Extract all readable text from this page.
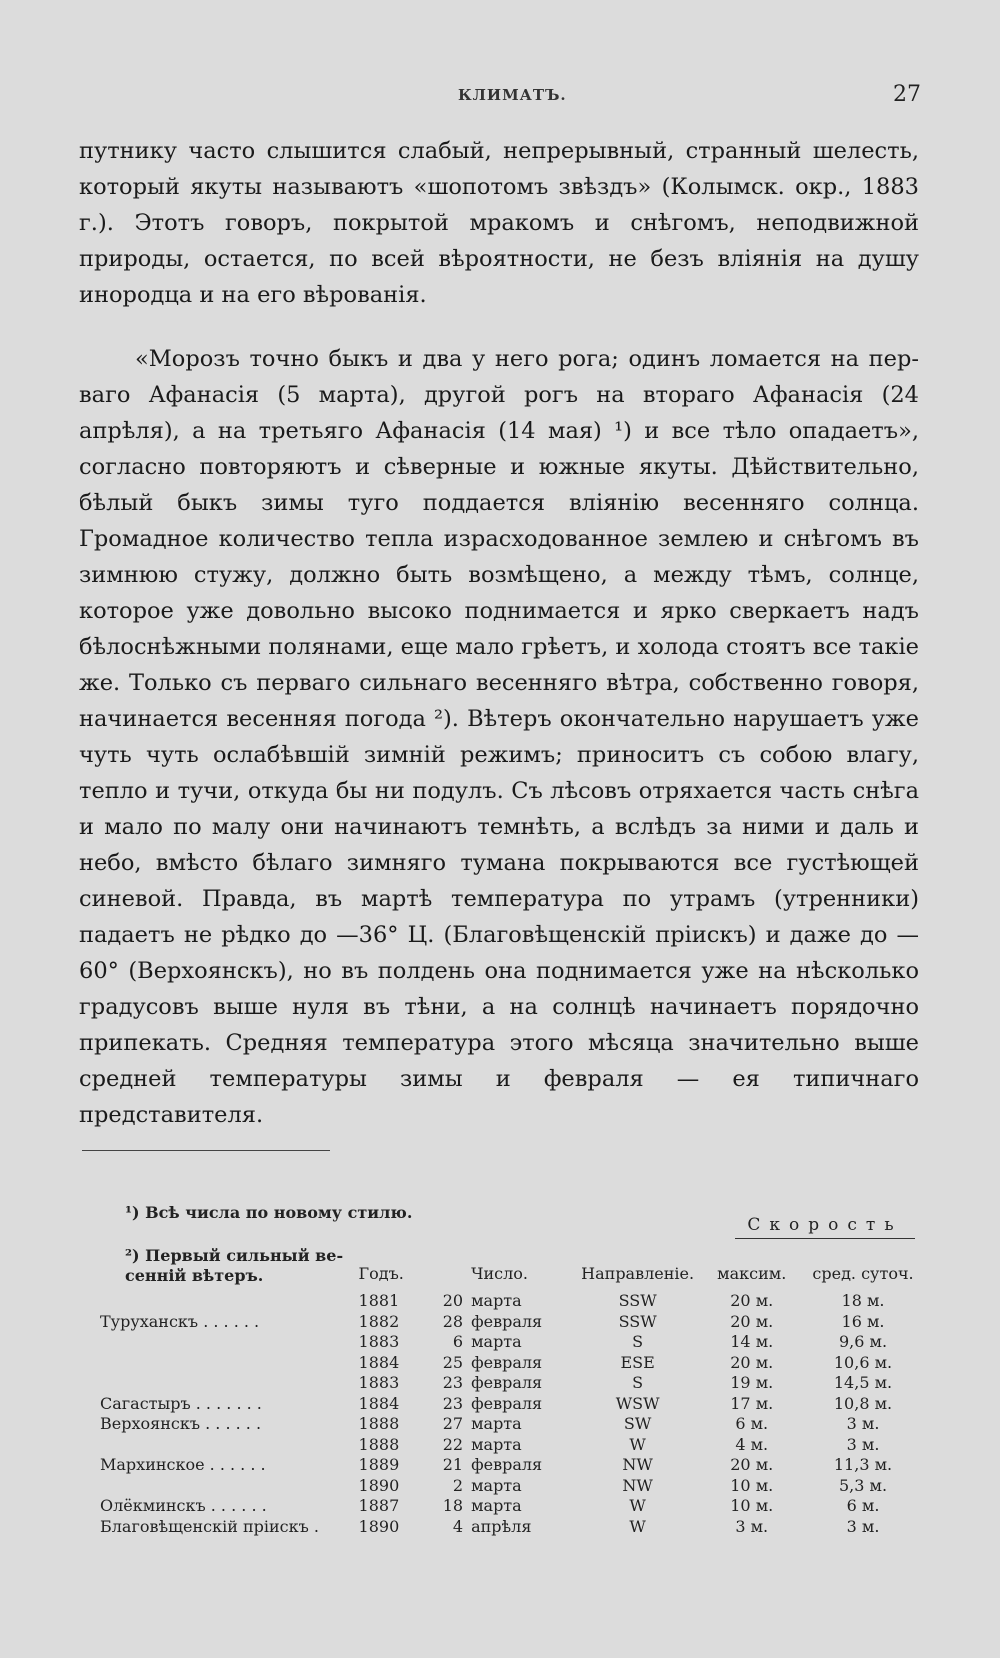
КЛИМАТЪ.	27

путнику часто слышится слабый, непрерывный, странный шелесть, который якуты называютъ «шопотомъ звѣздъ» (Колымск. окр., 1883 г.). Этотъ говоръ, покрытой мракомъ и снѣгомъ, неподвижной природы, остается, по всей вѣроятности, не безъ вліянія на душу инородца и на его вѣрованія.

«Морозъ точно быкъ и два у него рога; одинъ ломается на перваго Афанасія (5 марта), другой рогъ на втораго Афанасія (24 апрѣля), а на третьяго Афанасія (14 мая) ¹) и все тѣло опадаетъ», согласно повторяютъ и сѣверные и южные якуты. Дѣйствительно, бѣлый быкъ зимы туго поддается вліянію весенняго солнца. Громадное количество тепла израсходованное землею и снѣгомъ въ зимнюю стужу, должно быть возмѣщено, а между тѣмъ, солнце, которое уже довольно высоко поднимается и ярко сверкаетъ надъ бѣлоснѣжными полянами, еще мало грѣетъ, и холода стоятъ все такіе же. Только съ перваго сильнаго весенняго вѣтра, собственно говоря, начинается весенняя погода ²). Вѣтеръ окончательно нарушаетъ уже чуть чуть ослабѣвшій зимній режимъ; приноситъ съ собою влагу, тепло и тучи, откуда бы ни подулъ. Съ лѣсовъ отряхается часть снѣга и мало по малу они начинаютъ темнѣть, а вслѣдъ за ними и даль и небо, вмѣсто бѣлаго зимняго тумана покрываются все густѣющей синевой. Правда, въ мартѣ температура по утрамъ (утренники) падаетъ не рѣдко до —36° Ц. (Благовѣщенскій пріискъ) и даже до —60° (Верхоянскъ), но въ полдень она поднимается уже на нѣсколько градусовъ выше нуля въ тѣни, а на солнцѣ начинаетъ порядочно припекать. Средняя температура этого мѣсяца значительно выше средней температуры зимы и февраля — ея типичнаго представителя.

¹) Всѣ числа по новому стилю.
²) Первый сильный весенній вѣтеръ.
Скорость
	Годъ.		Число.	Направленіе.	максим.	сред. суточ.
	1881	20	марта	SSW	20 м.	18 м.
Туруханскъ . . . . . .	1882	28	февраля	SSW	20 м.	16 м.
	1883	6	марта	S	14 м.	9,6 м.
	1884	25	февраля	ESE	20 м.	10,6 м.
	1883	23	февраля	S	19 м.	14,5 м.
Сагастыръ . . . . . . .	1884	23	февраля	WSW	17 м.	10,8 м.
Верхоянскъ . . . . . .	1888	27	марта	SW	6 м.	3 м.
	1888	22	марта	W	4 м.	3 м.
Мархинское . . . . . .	1889	21	февраля	NW	20 м.	11,3 м.
	1890	2	марта	NW	10 м.	5,3 м.
Олёкминскъ . . . . . .	1887	18	марта	W	10 м.	6 м.
Благовѣщенскій пріискъ .	1890	4	апрѣля	W	3 м.	3 м.
